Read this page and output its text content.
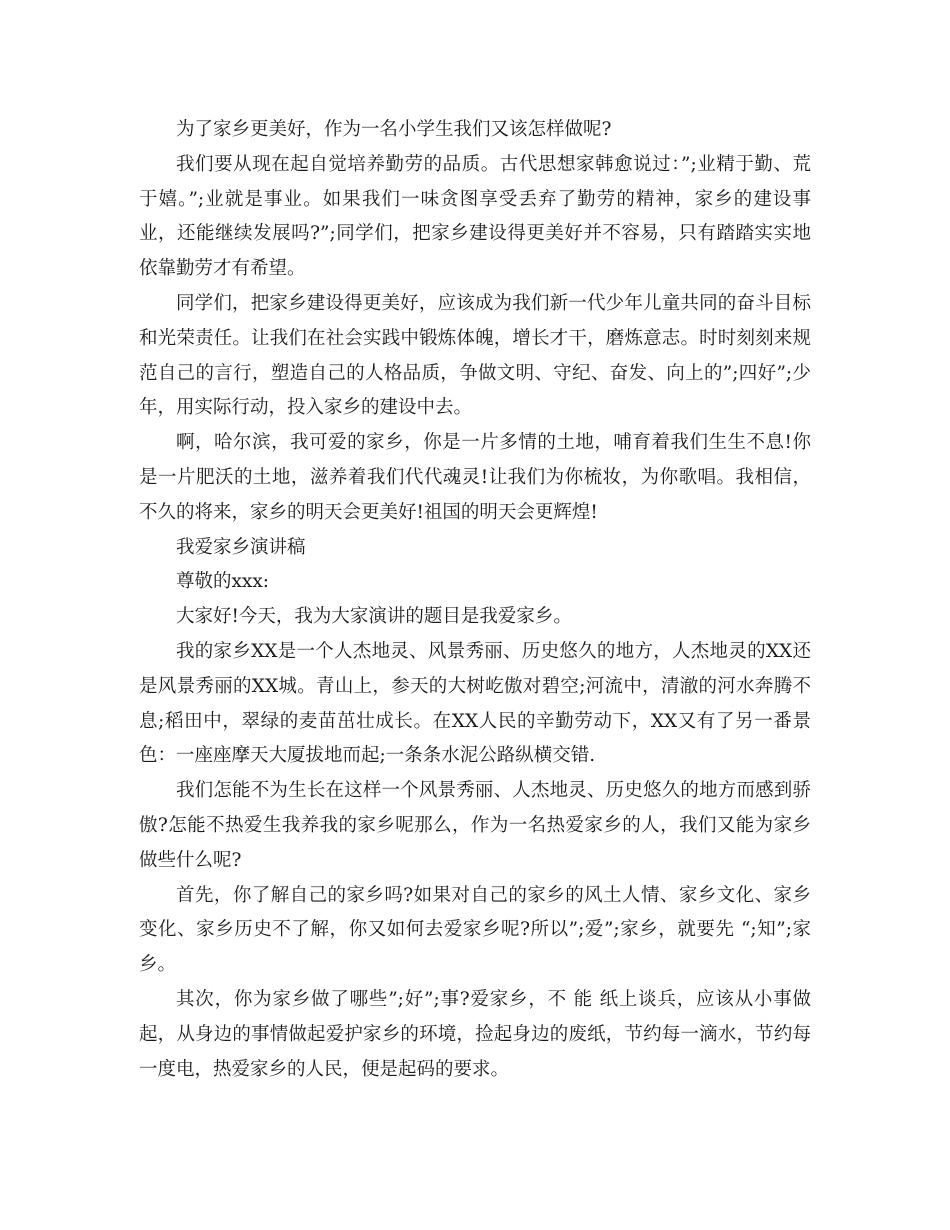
为了家乡更美好，作为一名小学生我们又该怎样做呢?

我们要从现在起自觉培养勤劳的品质。古代思想家韩愈说过：”;业精于勤、荒于嬉。”;业就是事业。如果我们一味贪图享受丢弃了勤劳的精神，家乡的建设事业，还能继续发展吗?”;同学们，把家乡建设得更美好并不容易，只有踏踏实实地依靠勤劳才有希望。

同学们，把家乡建设得更美好，应该成为我们新一代少年儿童共同的奋斗目标和光荣责任。让我们在社会实践中锻炼体魄，增长才干，磨炼意志。时时刻刻来规范自己的言行，塑造自己的人格品质，争做文明、守纪、奋发、向上的”;四好”;少年，用实际行动，投入家乡的建设中去。

啊，哈尔滨，我可爱的家乡，你是一片多情的土地，哺育着我们生生不息!你是一片肥沃的土地，滋养着我们代代魂灵!让我们为你梳妆，为你歌唱。我相信，不久的将来，家乡的明天会更美好!祖国的明天会更辉煌!

我爱家乡演讲稿

尊敬的xxx:

大家好!今天，我为大家演讲的题目是我爱家乡。

我的家乡XX是一个人杰地灵、风景秀丽、历史悠久的地方，人杰地灵的XX还是风景秀丽的XX城。青山上，参天的大树屹傲对碧空;河流中，清澈的河水奔腾不息;稻田中，翠绿的麦苗茁壮成长。在XX人民的辛勤劳动下，XX又有了另一番景色：一座座摩天大厦拔地而起;一条条水泥公路纵横交错.

我们怎能不为生长在这样一个风景秀丽、人杰地灵、历史悠久的地方而感到骄傲?怎能不热爱生我养我的家乡呢那么，作为一名热爱家乡的人，我们又能为家乡做些什么呢?

首先，你了解自己的家乡吗?如果对自己的家乡的风土人情、家乡文化、家乡变化、家乡历史不了解，你又如何去爱家乡呢?所以”;爱”;家乡，就要先 “;知”;家乡。

其次，你为家乡做了哪些”;好”;事?爱家乡，不 能 纸上谈兵，应该从小事做起，从身边的事情做起爱护家乡的环境，捡起身边的废纸，节约每一滴水，节约每一度电，热爱家乡的人民，便是起码的要求。
